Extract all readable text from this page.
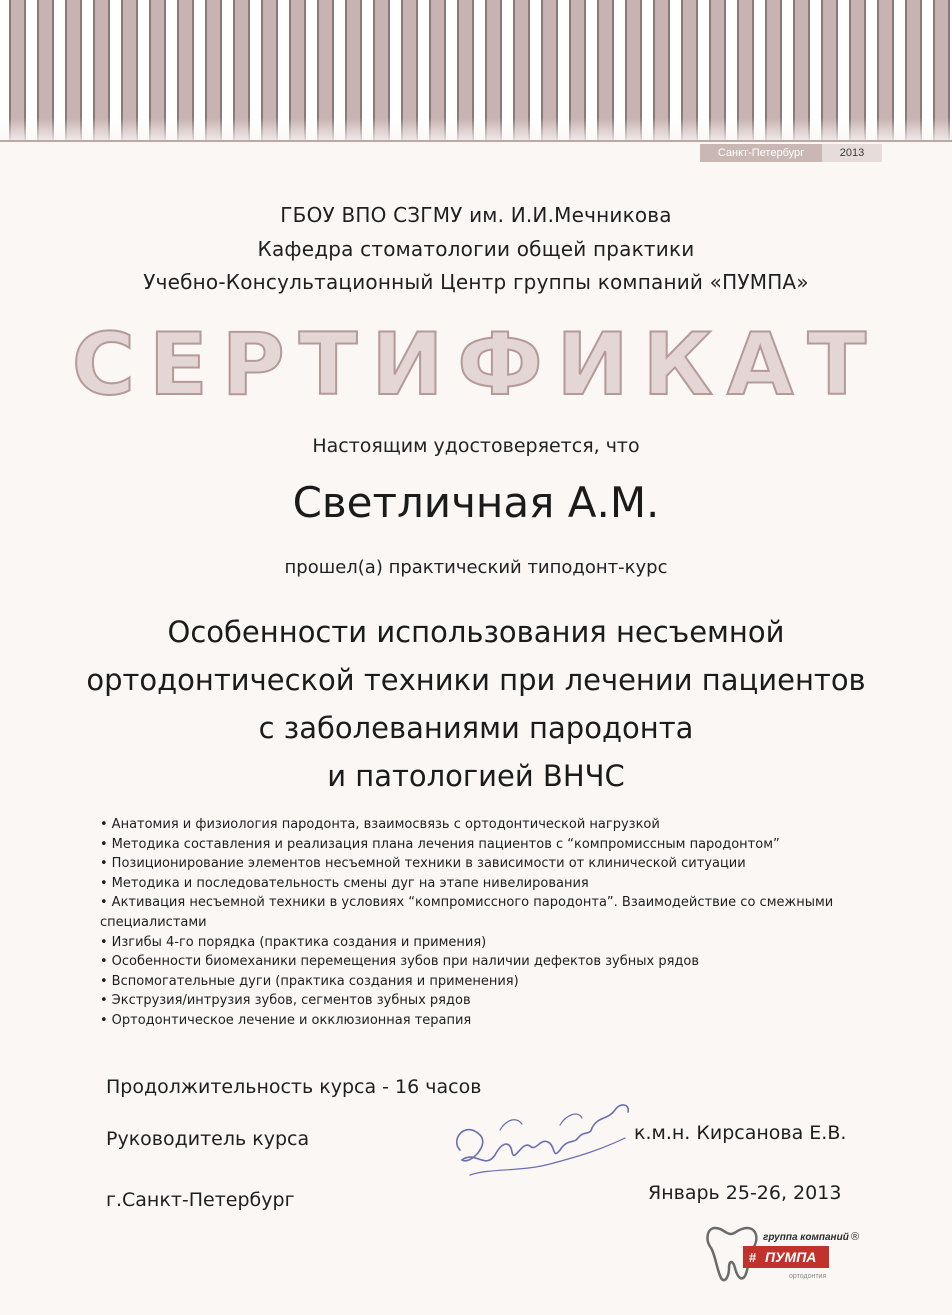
Санкт-Петербург	2013
ГБОУ ВПО СЗГМУ им. И.И.Мечникова
Кафедра стоматологии общей практики
Учебно-Консультационный Центр группы компаний «ПУМПА»
СЕРТИФИКАТ
Настоящим удостоверяется, что
Светличная А.М.
прошел(а) практический типодонт-курс
Особенности использования несъемной
ортодонтической техники при лечении пациентов
с заболеваниями пародонта
и патологией ВНЧС
• Анатомия и физиология пародонта, взаимосвязь с ортодонтической нагрузкой
• Методика составления и реализация плана лечения пациентов с “компромиссным пародонтом”
• Позиционирование элементов несъемной техники в зависимости от клинической ситуации
• Методика и последовательность смены дуг на этапе нивелирования
• Активация несъемной техники в условиях “компромиссного пародонта”. Взаимодействие со смежными специалистами
• Изгибы 4-го порядка (практика создания и примения)
• Особенности биомеханики перемещения зубов при наличии дефектов зубных рядов
• Вспомогательные дуги (практика создания и применения)
• Экструзия/интрузия зубов, сегментов зубных рядов
• Ортодонтическое лечение и окклюзионная терапия
Продолжительность курса - 16 часов
Руководитель курса	к.м.н. Кирсанова Е.В.
г.Санкт-Петербург	Январь 25-26, 2013
# ПУМПА
группа компаний ®
ортодонтия
